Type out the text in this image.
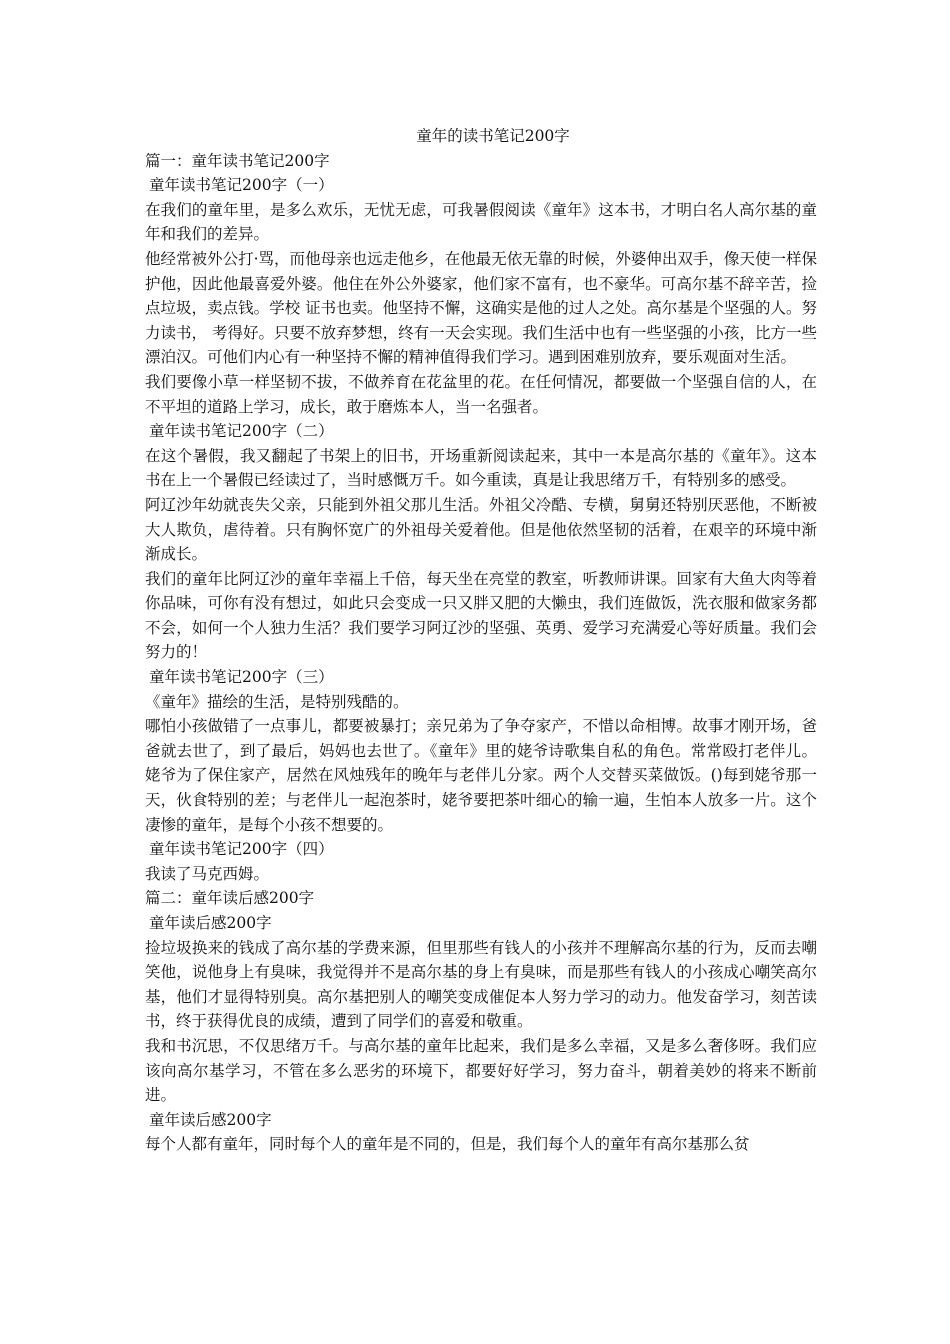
童年的读书笔记200字

篇一：童年读书笔记200字

童年读书笔记200字（一）

在我们的童年里，是多么欢乐，无忧无虑，可我暑假阅读《童年》这本书，才明白名人高尔基的童年和我们的差异。

他经常被外公打·骂，而他母亲也远走他乡，在他最无依无靠的时候，外婆伸出双手，像天使一样保护他，因此他最喜爱外婆。他住在外公外婆家，他们家不富有，也不豪华。可高尔基不辞辛苦，捡点垃圾，卖点钱。学校 证书也卖。他坚持不懈，这确实是他的过人之处。高尔基是个坚强的人。努力读书， 考得好。只要不放弃梦想，终有一天会实现。我们生活中也有一些坚强的小孩，比方一些漂泊汉。可他们内心有一种坚持不懈的精神值得我们学习。遇到困难别放弃，要乐观面对生活。

我们要像小草一样坚韧不拔，不做养育在花盆里的花。在任何情况，都要做一个坚强自信的人，在不平坦的道路上学习，成长，敢于磨炼本人，当一名强者。

童年读书笔记200字（二）

在这个暑假，我又翻起了书架上的旧书，开场重新阅读起来，其中一本是高尔基的《童年》。这本书在上一个暑假已经读过了，当时感慨万千。如今重读，真是让我思绪万千，有特别多的感受。

阿辽沙年幼就丧失父亲，只能到外祖父那儿生活。外祖父冷酷、专横，舅舅还特别厌恶他，不断被大人欺负，虐待着。只有胸怀宽广的外祖母关爱着他。但是他依然坚韧的活着，在艰辛的环境中渐渐成长。

我们的童年比阿辽沙的童年幸福上千倍，每天坐在亮堂的教室，听教师讲课。回家有大鱼大肉等着你品味，可你有没有想过，如此只会变成一只又胖又肥的大懒虫，我们连做饭，洗衣服和做家务都不会，如何一个人独力生活？我们要学习阿辽沙的坚强、英勇、爱学习充满爱心等好质量。我们会努力的！

童年读书笔记200字（三）

《童年》描绘的生活，是特别残酷的。

哪怕小孩做错了一点事儿，都要被暴打；亲兄弟为了争夺家产，不惜以命相博。故事才刚开场，爸爸就去世了，到了最后，妈妈也去世了。《童年》里的姥爷诗歌集自私的角色。常常殴打老伴儿。姥爷为了保住家产，居然在风烛残年的晚年与老伴儿分家。两个人交替买菜做饭。()每到姥爷那一天，伙食特别的差；与老伴儿一起泡茶时，姥爷要把茶叶细心的输一遍，生怕本人放多一片。这个凄惨的童年，是每个小孩不想要的。

童年读书笔记200字（四）

我读了马克西姆。

篇二：童年读后感200字

童年读后感200字

捡垃圾换来的钱成了高尔基的学费来源，但里那些有钱人的小孩并不理解高尔基的行为，反而去嘲笑他，说他身上有臭味，我觉得并不是高尔基的身上有臭味，而是那些有钱人的小孩成心嘲笑高尔基，他们才显得特别臭。高尔基把别人的嘲笑变成催促本人努力学习的动力。他发奋学习，刻苦读书，终于获得优良的成绩，遭到了同学们的喜爱和敬重。

我和书沉思，不仅思绪万千。与高尔基的童年比起来，我们是多么幸福，又是多么奢侈呀。我们应该向高尔基学习，不管在多么恶劣的环境下，都要好好学习，努力奋斗，朝着美妙的将来不断前进。

童年读后感200字

每个人都有童年，同时每个人的童年是不同的，但是，我们每个人的童年有高尔基那么贫
